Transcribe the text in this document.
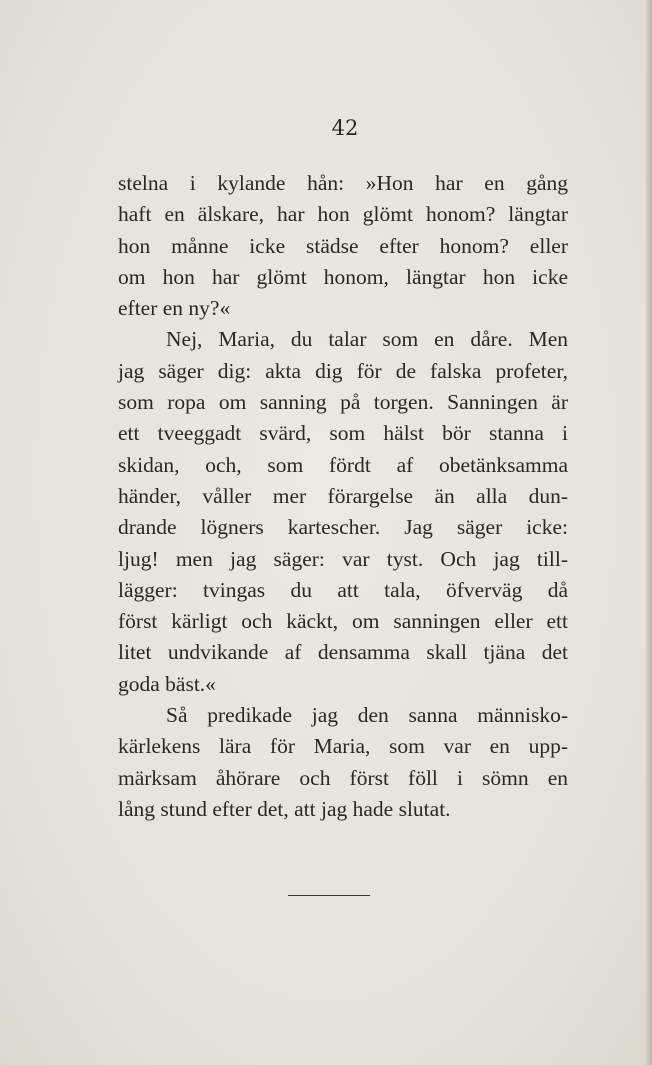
42

stelna i kylande hån: »Hon har en gång
haft en älskare, har hon glömt honom? längtar
hon månne icke städse efter honom? eller
om hon har glömt honom, längtar hon icke
efter en ny?«
Nej, Maria, du talar som en dåre. Men
jag säger dig: akta dig för de falska profeter,
som ropa om sanning på torgen. Sanningen är
ett tveeggadt svärd, som hälst bör stanna i
skidan, och, som fördt af obetänksamma
händer, våller mer förargelse än alla dun-
drande lögners kartescher. Jag säger icke:
ljug! men jag säger: var tyst. Och jag till-
lägger: tvingas du att tala, öfverväg då
först kärligt och käckt, om sanningen eller ett
litet undvikande af densamma skall tjäna det
goda bäst.«
Så predikade jag den sanna människo-
kärlekens lära för Maria, som var en upp-
märksam åhörare och först föll i sömn en
lång stund efter det, att jag hade slutat.
